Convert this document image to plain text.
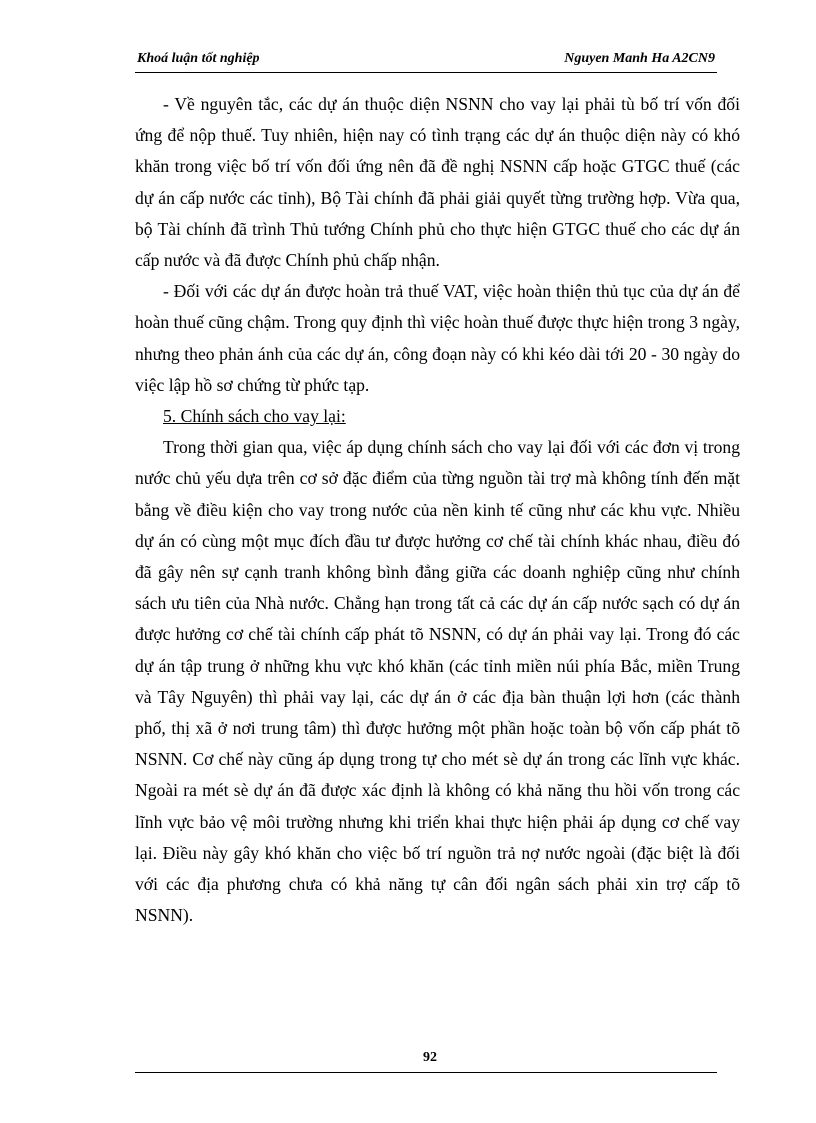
Khoá luận tốt nghiệp	Nguyen Manh Ha A2CN9

- Về nguyên tắc, các dự án thuộc diện NSNN cho vay lại phải tù bố trí vốn đối ứng để nộp thuế. Tuy nhiên, hiện nay có tình trạng các dự án thuộc diện này có khó khăn trong việc bố trí vốn đối ứng nên đã đề nghị NSNN cấp hoặc GTGC thuế (các dự án cấp nước các tỉnh), Bộ Tài chính đã phải giải quyết từng trường hợp. Vừa qua, bộ Tài chính đã trình Thủ tướng Chính phủ cho thực hiện GTGC thuế cho các dự án cấp nước và đã được Chính phủ chấp nhận.

- Đối với các dự án được hoàn trả thuế VAT, việc hoàn thiện thủ tục của dự án để hoàn thuế cũng chậm. Trong quy định thì việc hoàn thuế được thực hiện trong 3 ngày, nhưng theo phản ánh của các dự án, công đoạn này có khi kéo dài tới 20 - 30 ngày do việc lập hồ sơ chứng từ phức tạp.

5. Chính sách cho vay lại:

Trong thời gian qua, việc áp dụng chính sách cho vay lại đối với các đơn vị trong nước chủ yếu dựa trên cơ sở đặc điểm của từng nguồn tài trợ mà không tính đến mặt bằng về điều kiện cho vay trong nước của nền kinh tế cũng như các khu vực. Nhiều dự án có cùng một mục đích đầu tư được hưởng cơ chế tài chính khác nhau, điều đó đã gây nên sự cạnh tranh không bình đẳng giữa các doanh nghiệp cũng như chính sách ưu tiên của Nhà nước. Chẳng hạn trong tất cả các dự án cấp nước sạch có dự án được hưởng cơ chế tài chính cấp phát tõ NSNN, có dự án phải vay lại. Trong đó các dự án tập trung ở những khu vực khó khăn (các tỉnh miền núi phía Bắc, miền Trung và Tây Nguyên) thì phải vay lại, các dự án ở các địa bàn thuận lợi hơn (các thành phố, thị xã ở nơi trung tâm) thì được hưởng một phần hoặc toàn bộ vốn cấp phát tõ NSNN. Cơ chế này cũng áp dụng trong tự cho mét sè dự án trong các lĩnh vực khác. Ngoài ra mét sè dự án đã được xác định là không có khả năng thu hồi vốn trong các lĩnh vực bảo vệ môi trường nhưng khi triển khai thực hiện phải áp dụng cơ chế vay lại. Điều này gây khó khăn cho việc bố trí nguồn trả nợ nước ngoài (đặc biệt là đối với các địa phương chưa có khả năng tự cân đối ngân sách phải xin trợ cấp tõ NSNN).

92
